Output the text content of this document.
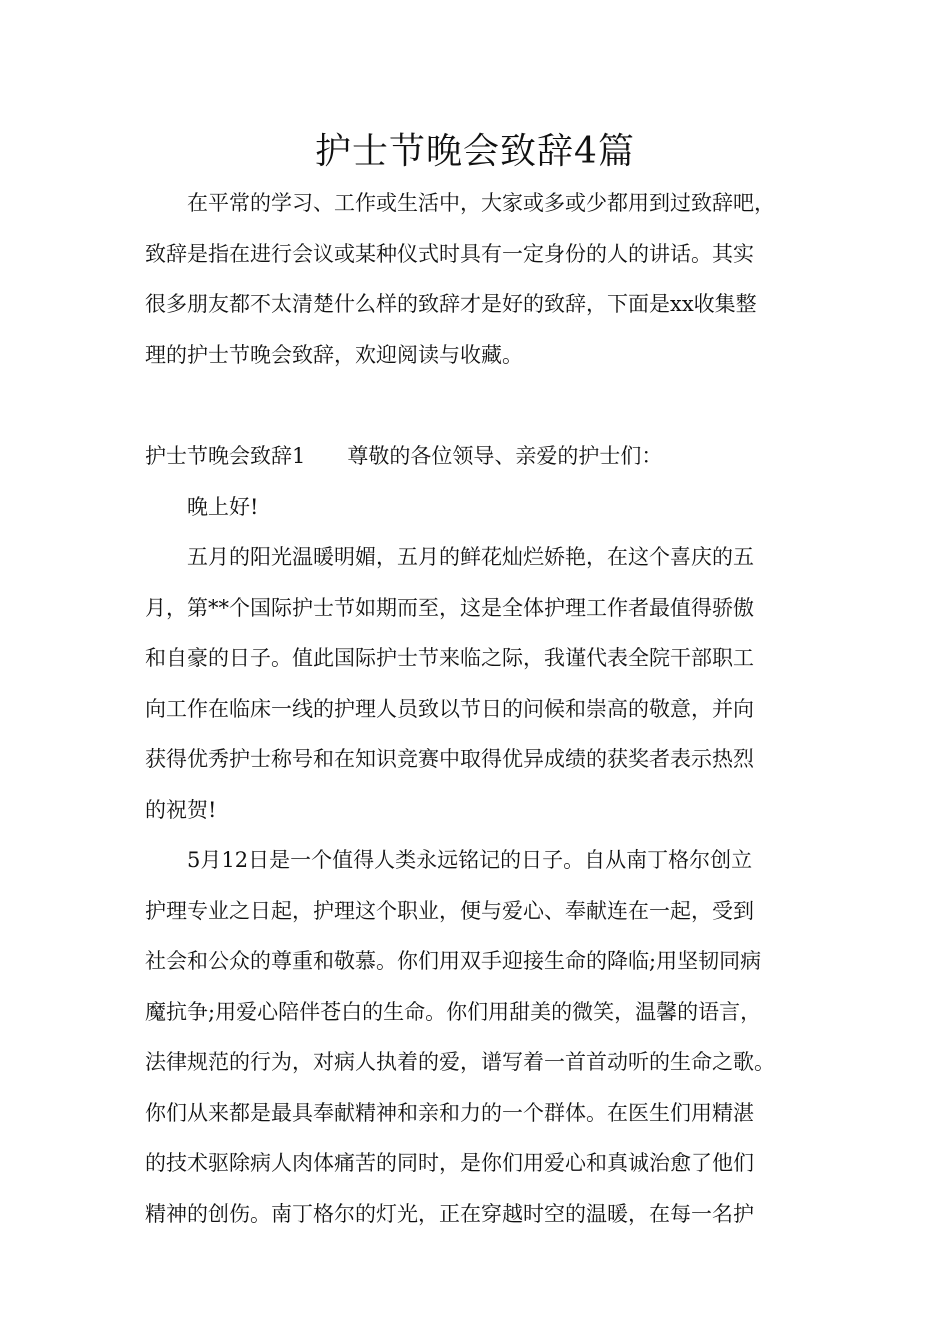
护士节晚会致辞4篇
在平常的学习、工作或生活中，大家或多或少都用到过致辞吧，
致辞是指在进行会议或某种仪式时具有一定身份的人的讲话。其实
很多朋友都不太清楚什么样的致辞才是好的致辞，下面是xx收集整
理的护士节晚会致辞，欢迎阅读与收藏。
护士节晚会致辞1 尊敬的各位领导、亲爱的护士们：
晚上好!
五月的阳光温暖明媚，五月的鲜花灿烂娇艳，在这个喜庆的五
月，第**个国际护士节如期而至，这是全体护理工作者最值得骄傲
和自豪的日子。值此国际护士节来临之际，我谨代表全院干部职工
向工作在临床一线的护理人员致以节日的问候和崇高的敬意，并向
获得优秀护士称号和在知识竞赛中取得优异成绩的获奖者表示热烈
的祝贺!
5月12日是一个值得人类永远铭记的日子。自从南丁格尔创立
护理专业之日起，护理这个职业，便与爱心、奉献连在一起，受到
社会和公众的尊重和敬慕。你们用双手迎接生命的降临;用坚韧同病
魔抗争;用爱心陪伴苍白的生命。你们用甜美的微笑，温馨的语言，
法律规范的行为，对病人执着的爱，谱写着一首首动听的生命之歌。
你们从来都是最具奉献精神和亲和力的一个群体。在医生们用精湛
的技术驱除病人肉体痛苦的同时，是你们用爱心和真诚治愈了他们
精神的创伤。南丁格尔的灯光，正在穿越时空的温暖，在每一名护
